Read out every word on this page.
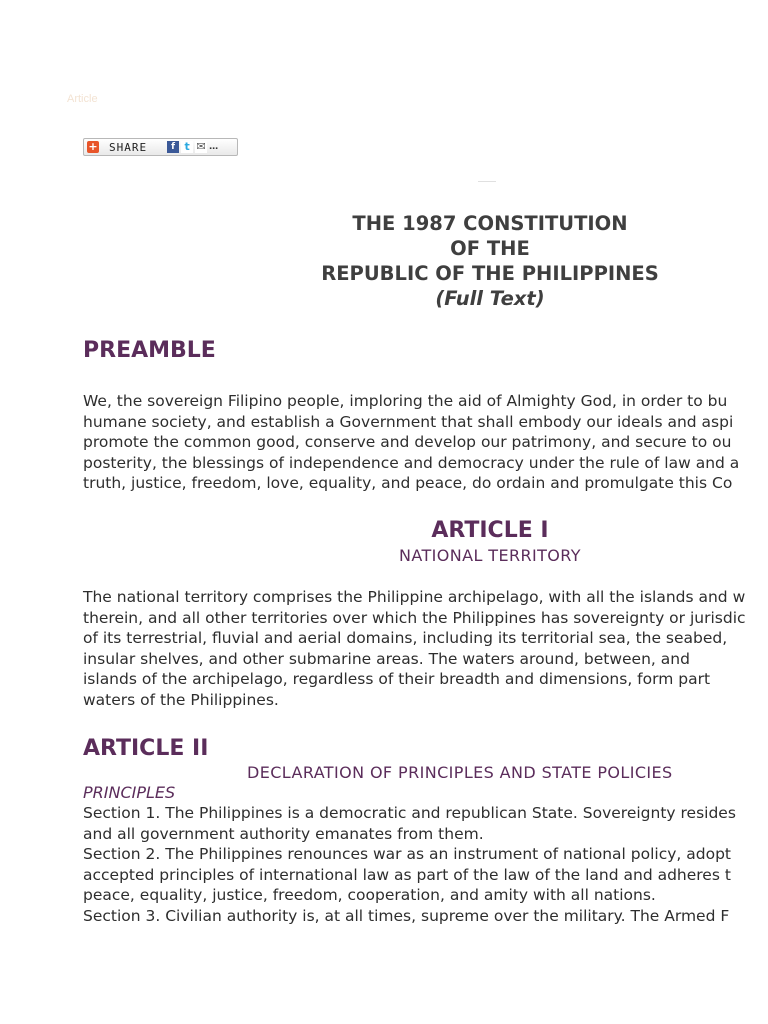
Article
+ SHARE	f t ✉ …
THE 1987 CONSTITUTION
OF THE
REPUBLIC OF THE PHILIPPINES
(Full Text)
PREAMBLE
We, the sovereign Filipino people, imploring the aid of Almighty God, in order to bu
humane society, and establish a Government that shall embody our ideals and aspi
promote the common good, conserve and develop our patrimony, and secure to ou
posterity, the blessings of independence and democracy under the rule of law and a
truth, justice, freedom, love, equality, and peace, do ordain and promulgate this Co
ARTICLE I
NATIONAL TERRITORY
The national territory comprises the Philippine archipelago, with all the islands and w
therein, and all other territories over which the Philippines has sovereignty or jurisdic
of its terrestrial, fluvial and aerial domains, including its territorial sea, the seabed,
insular shelves, and other submarine areas. The waters around, between, and
islands of the archipelago, regardless of their breadth and dimensions, form part
waters of the Philippines.
ARTICLE II
DECLARATION OF PRINCIPLES AND STATE POLICIES
PRINCIPLES
Section 1. The Philippines is a democratic and republican State. Sovereignty resides
and all government authority emanates from them.
Section 2. The Philippines renounces war as an instrument of national policy, adopt
accepted principles of international law as part of the law of the land and adheres t
peace, equality, justice, freedom, cooperation, and amity with all nations.
Section 3. Civilian authority is, at all times, supreme over the military. The Armed F
